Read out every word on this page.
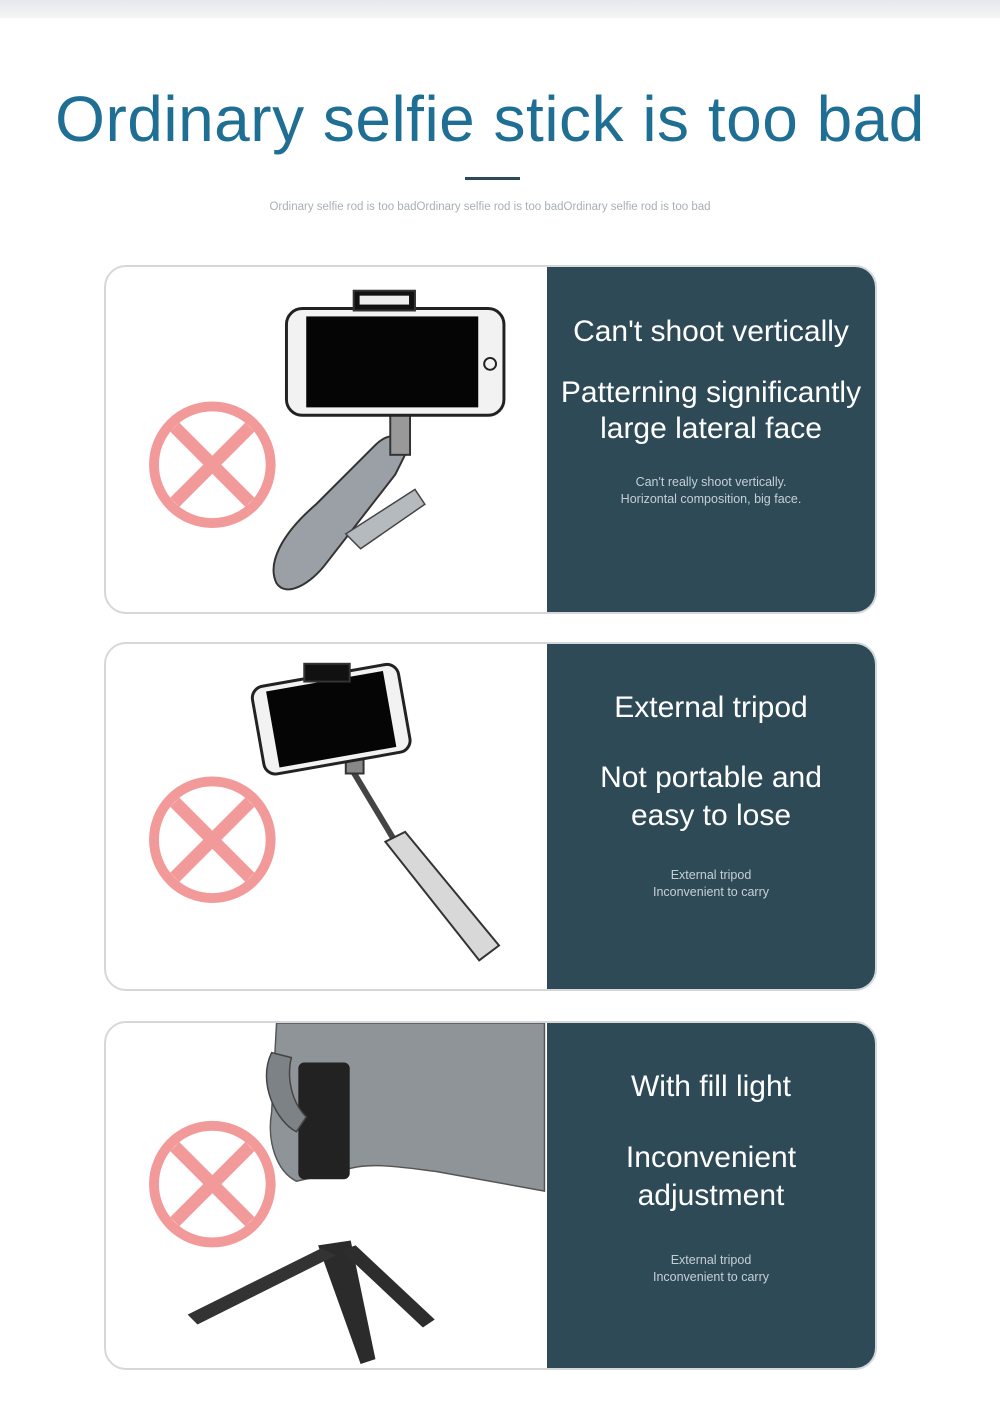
Ordinary selfie stick is too bad
Ordinary selfie rod is too badOrdinary selfie rod is too badOrdinary selfie rod is too bad
Can't shoot vertically
Patterning significantly
large lateral face
Can't really shoot vertically.
Horizontal composition, big face.
External tripod
Not portable and
easy to lose
External tripod
Inconvenient to carry
With fill light
Inconvenient
adjustment
External tripod
Inconvenient to carry
